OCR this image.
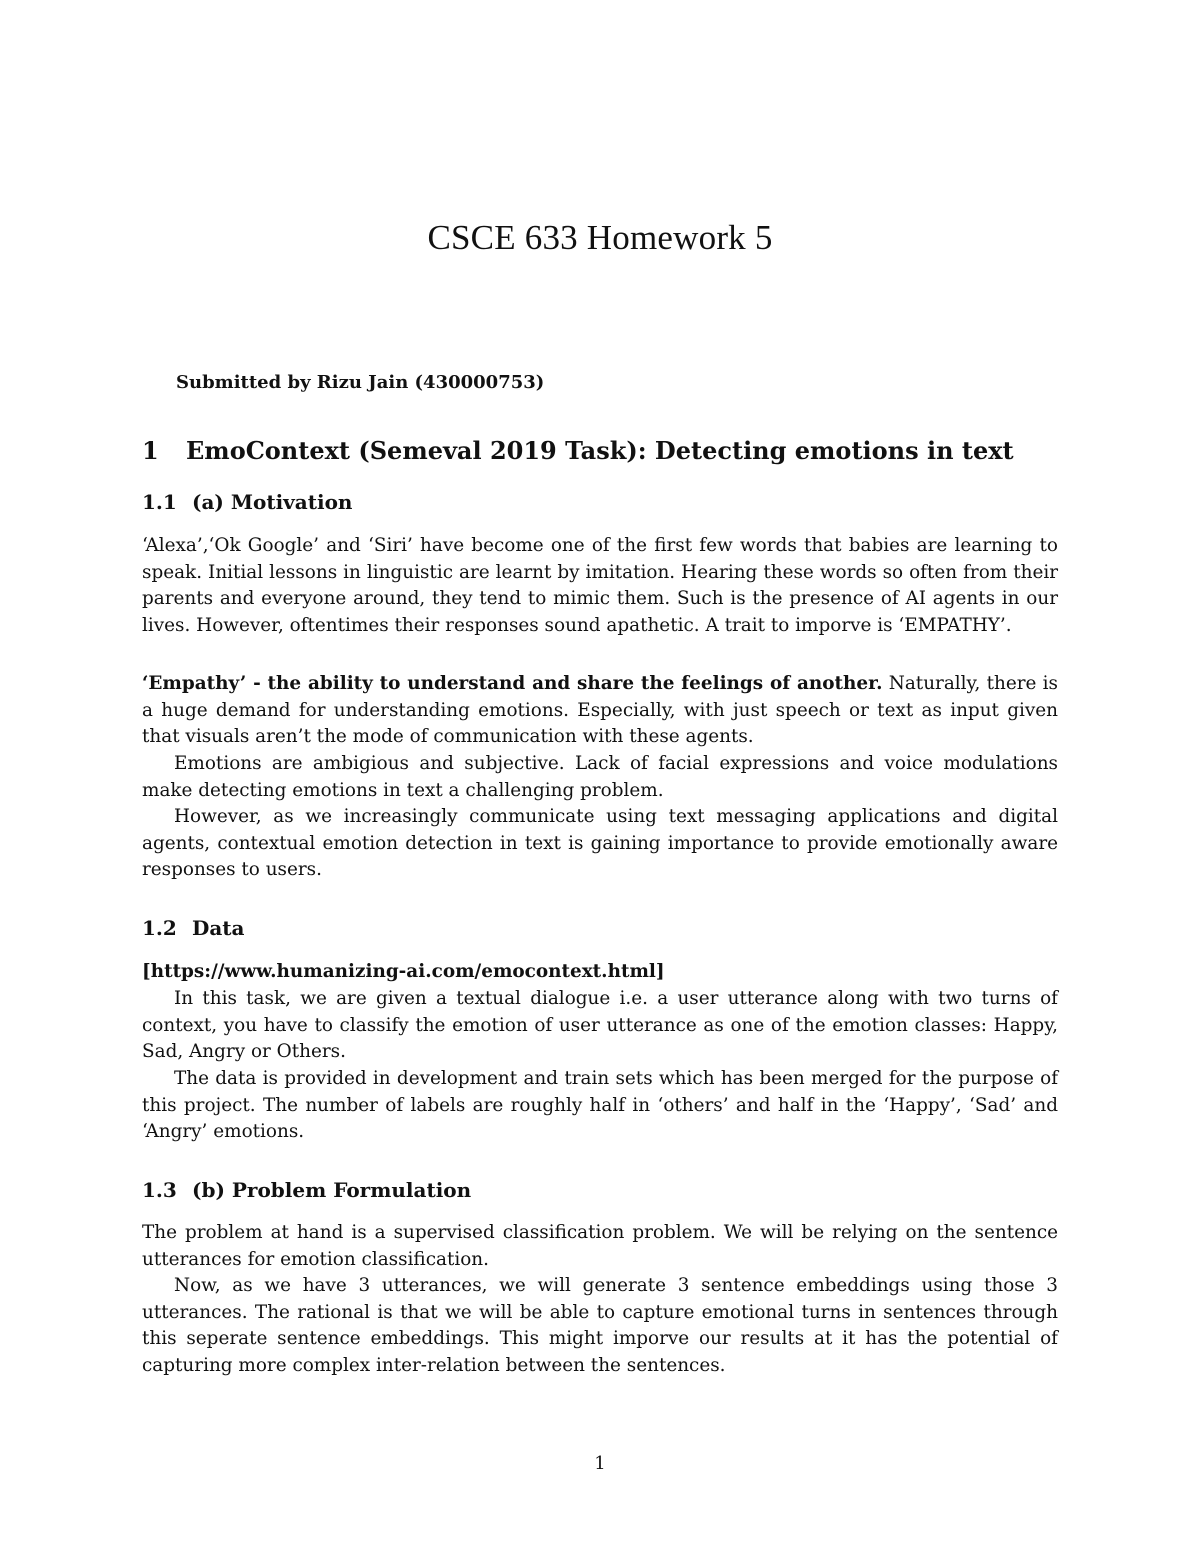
CSCE 633 Homework 5

Submitted by Rizu Jain (430000753)

1 EmoContext (Semeval 2019 Task): Detecting emotions in text
1.1 (a) Motivation

‘Alexa’,‘Ok Google’ and ‘Siri’ have become one of the first few words that babies are learning to speak. Initial lessons in linguistic are learnt by imitation. Hearing these words so often from their parents and everyone around, they tend to mimic them. Such is the presence of AI agents in our lives. However, oftentimes their responses sound apathetic. A trait to imporve is ‘EMPATHY’.

‘Empathy’ - the ability to understand and share the feelings of another. Naturally, there is a huge demand for understanding emotions. Especially, with just speech or text as input given that visuals aren’t the mode of communication with these agents.

Emotions are ambigious and subjective. Lack of facial expressions and voice modulations make detecting emotions in text a challenging problem.

However, as we increasingly communicate using text messaging applications and digital agents, contextual emotion detection in text is gaining importance to provide emotionally aware responses to users.

1.2 Data

[https://www.humanizing-ai.com/emocontext.html]

In this task, we are given a textual dialogue i.e. a user utterance along with two turns of context, you have to classify the emotion of user utterance as one of the emotion classes: Happy, Sad, Angry or Others.

The data is provided in development and train sets which has been merged for the purpose of this project. The number of labels are roughly half in ‘others’ and half in the ‘Happy’, ‘Sad’ and ‘Angry’ emotions.

1.3 (b) Problem Formulation

The problem at hand is a supervised classification problem. We will be relying on the sentence utterances for emotion classification.

Now, as we have 3 utterances, we will generate 3 sentence embeddings using those 3 utterances. The rational is that we will be able to capture emotional turns in sentences through this seperate sentence embeddings. This might imporve our results at it has the potential of capturing more complex inter-relation between the sentences.

1
